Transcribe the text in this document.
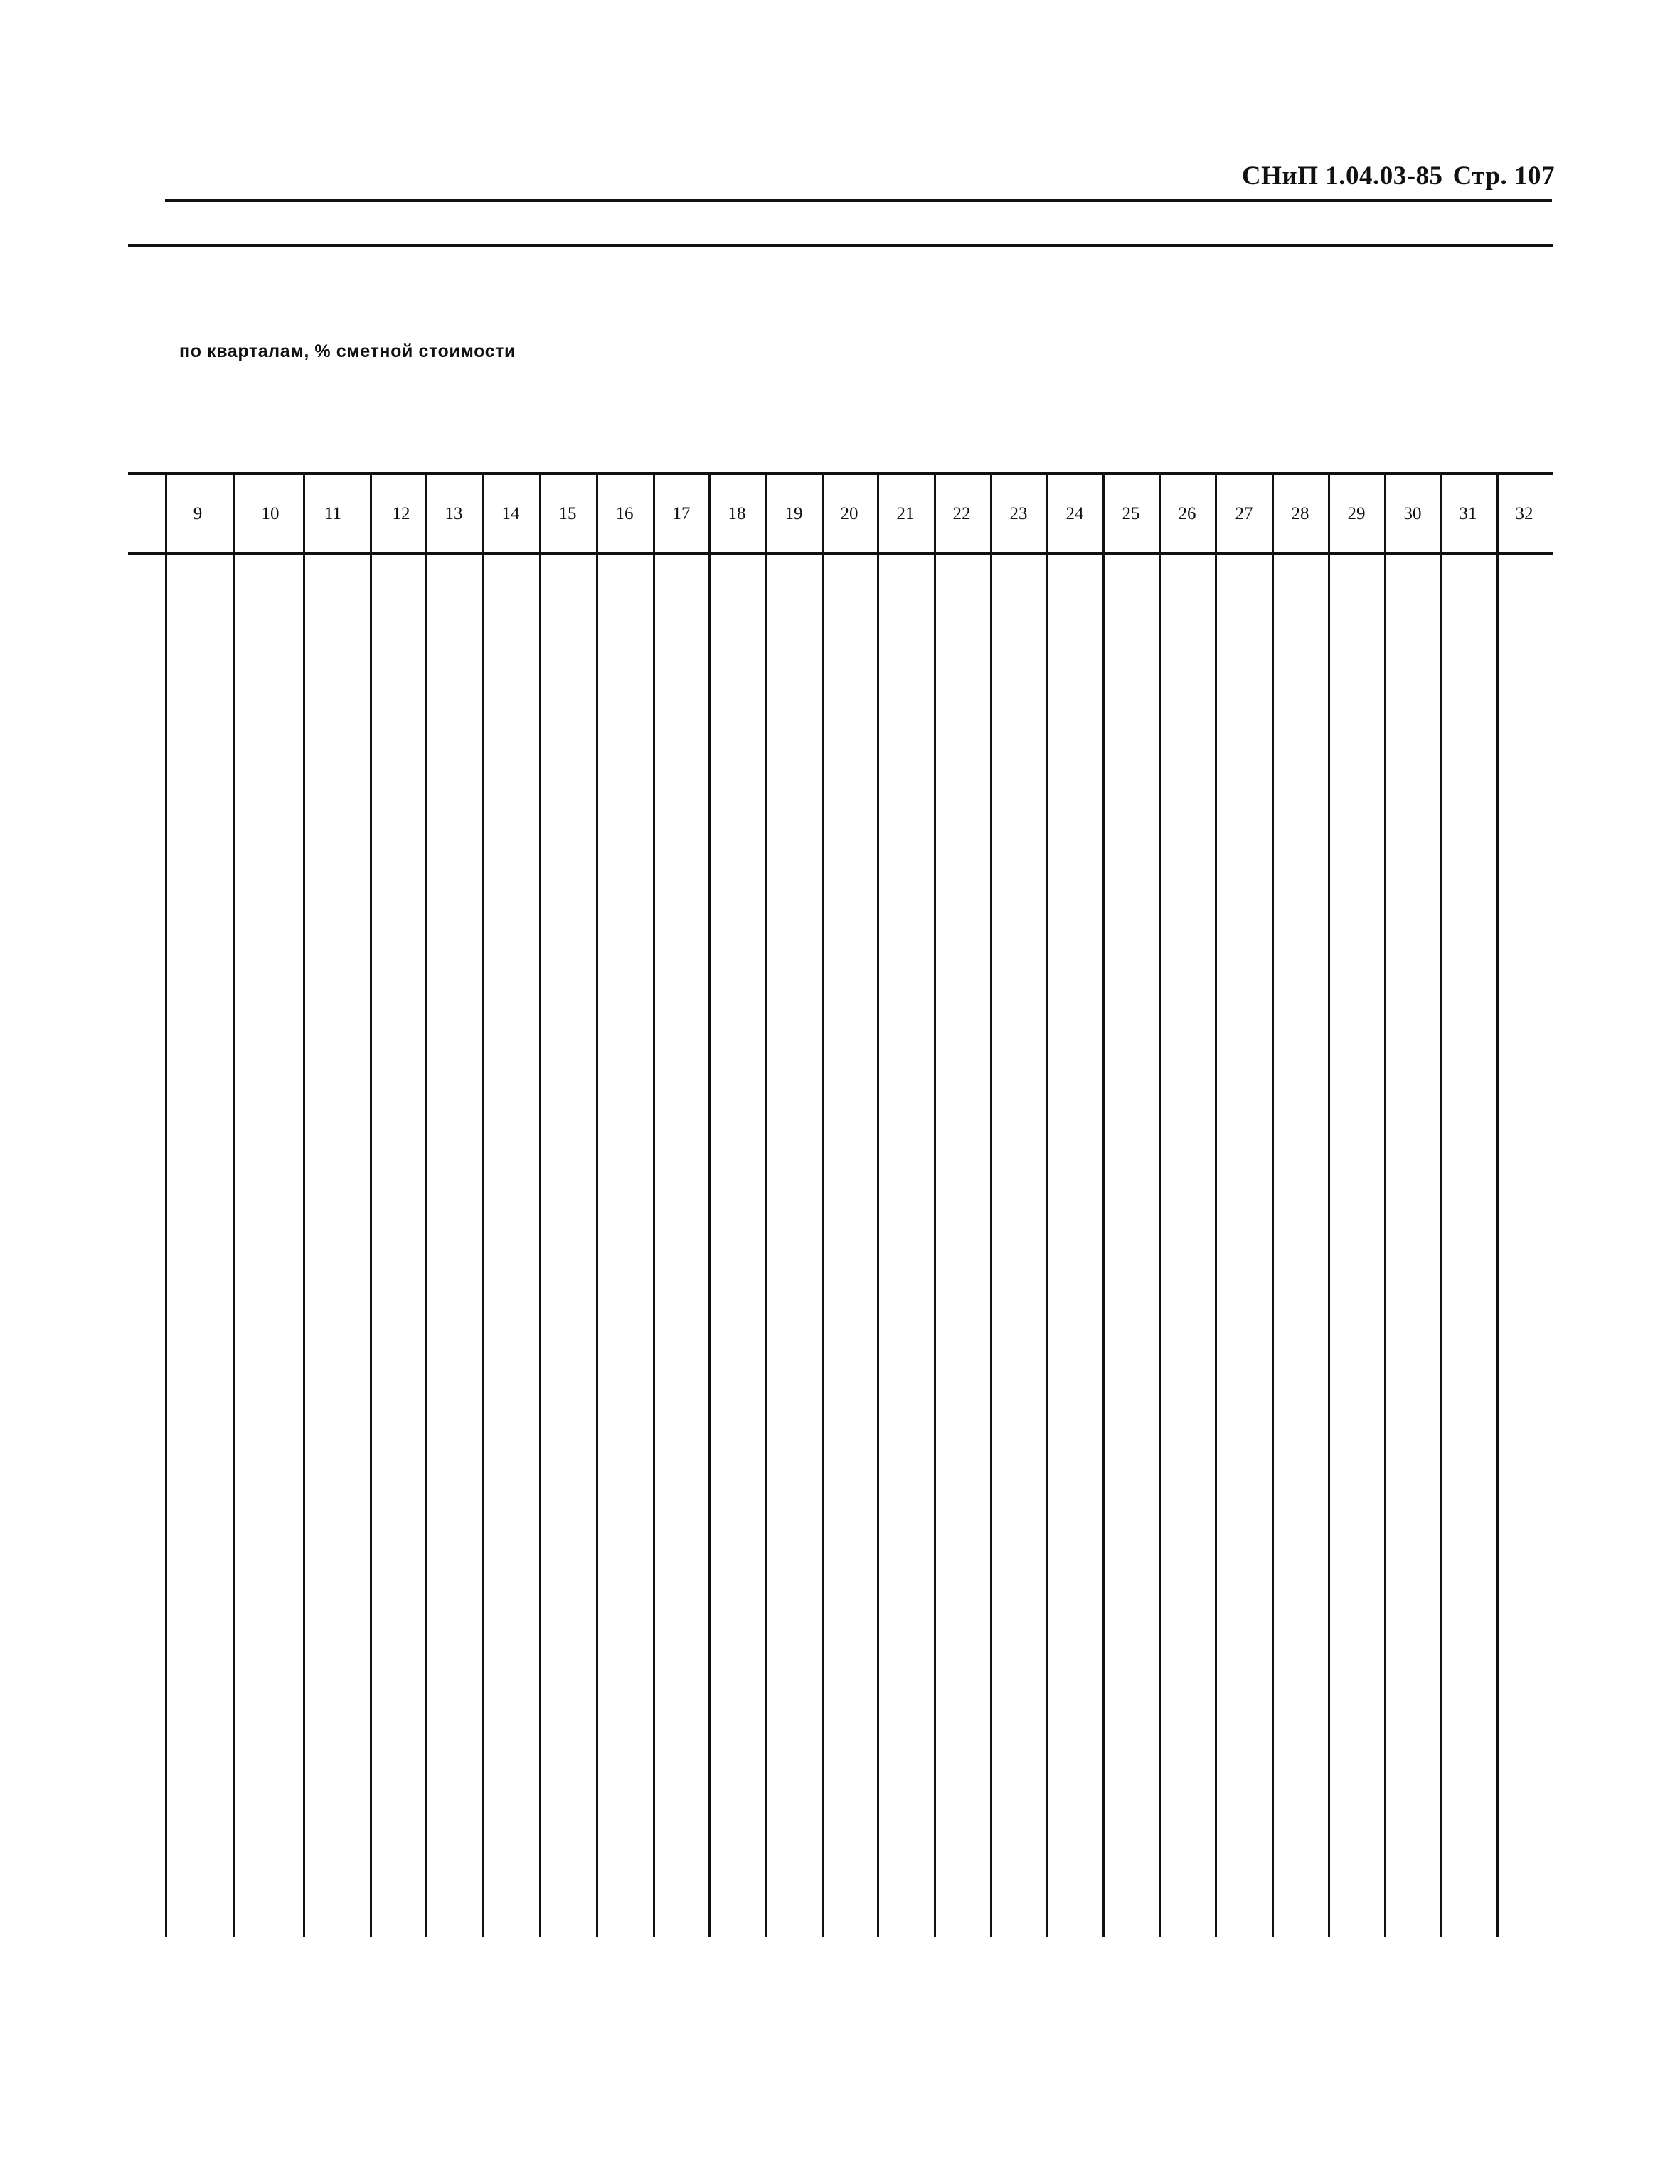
СНиП 1.04.03-85 Стр. 107
по кварталам, % сметной стоимости
9	10	11	12	13	14	15	16	17	18	19	20	21	22	23	24	25	26	27	28	29	30	31	32
